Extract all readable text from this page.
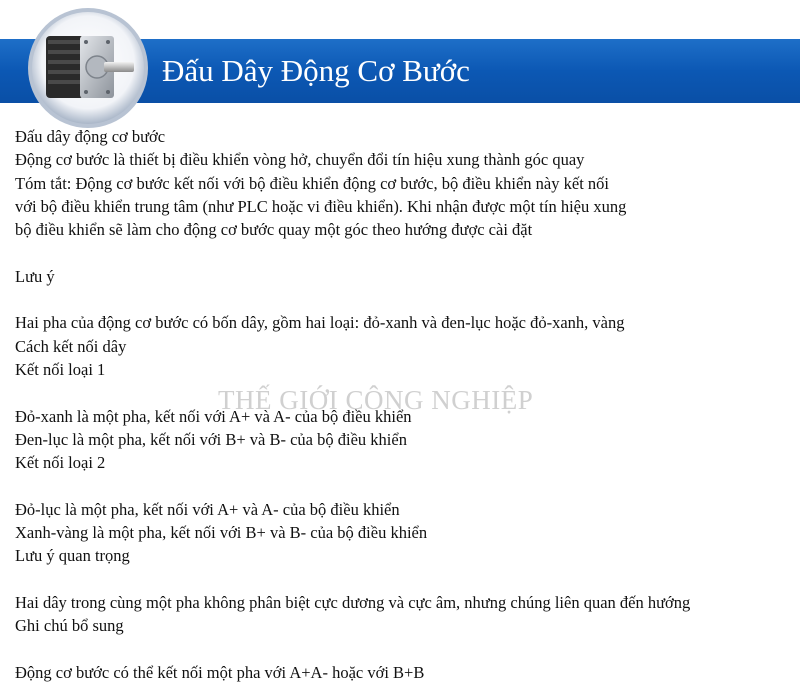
Đấu Dây Động Cơ Bước
Đấu dây động cơ bước
Động cơ bước là thiết bị điều khiển vòng hở, chuyển đổi tín hiệu xung thành góc quay
Tóm tắt: Động cơ bước kết nối với bộ điều khiển động cơ bước, bộ điều khiển này kết nối
với bộ điều khiển trung tâm (như PLC hoặc vi điều khiển). Khi nhận được một tín hiệu xung
bộ điều khiển sẽ làm cho động cơ bước quay một góc theo hướng được cài đặt
Lưu ý
Hai pha của động cơ bước có bốn dây, gồm hai loại: đỏ-xanh và đen-lục hoặc đỏ-xanh, vàng
Cách kết nối dây
Kết nối loại 1
Đỏ-xanh là một pha, kết nối với A+ và A- của bộ điều khiển
Đen-lục là một pha, kết nối với B+ và B- của bộ điều khiển
Kết nối loại 2
Đỏ-lục là một pha, kết nối với A+ và A- của bộ điều khiển
Xanh-vàng là một pha, kết nối với B+ và B- của bộ điều khiển
Lưu ý quan trọng
Hai dây trong cùng một pha không phân biệt cực dương và cực âm, nhưng chúng liên quan đến hướng
Ghi chú bổ sung
Động cơ bước có thể kết nối một pha với A+A- hoặc với B+B
THẾ GIỚI CÔNG NGHIỆP
